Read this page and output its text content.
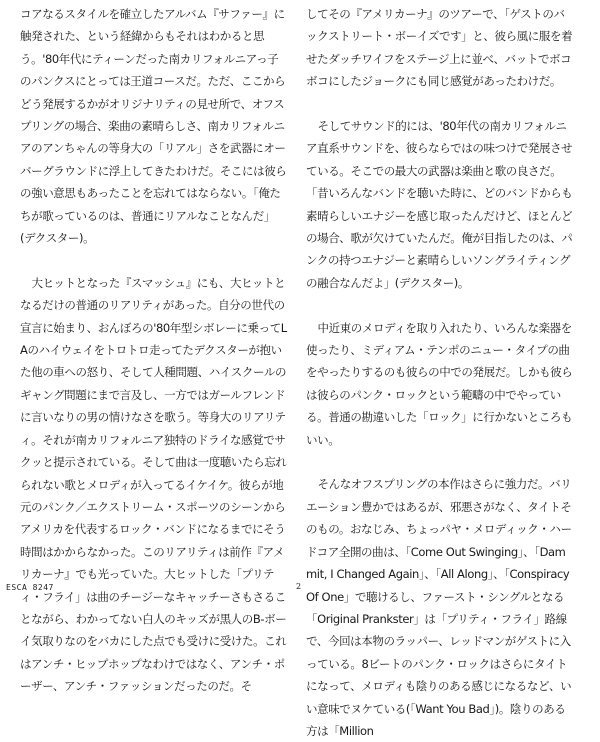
コアなるスタイルを確立したアルバム『サファー』に触発された、という経緯からもそれはわかると思う。'80年代にティーンだった南カリフォルニアっ子のパンクスにとっては王道コースだ。ただ、ここからどう発展するかがオリジナリティの見せ所で、オフスプリングの場合、楽曲の素晴らしさ、南カリフォルニアのアンちゃんの等身大の「リアル」さを武器にオーバーグラウンドに浮上してきたわけだ。そこには彼らの強い意思もあったことを忘れてはならない。「俺たちが歌っているのは、普通にリアルなことなんだ」(デクスター)。

大ヒットとなった『スマッシュ』にも、大ヒットとなるだけの普通のリアリティがあった。自分の世代の宣言に始まり、おんぼろの'80年型シボレーに乗ってLAのハイウェイをトロトロ走ってたデクスターが抱いた他の車への怒り、そして人種問題、ハイスクールのギャング問題にまで言及し、一方ではガールフレンドに言いなりの男の情けなさを歌う。等身大のリアリティ。それが南カリフォルニア独特のドライな感覚でサクッと提示されている。そして曲は一度聴いたら忘れられない歌とメロディが入ってるイケイケ。彼らが地元のパンク／エクストリーム・スポーツのシーンからアメリカを代表するロック・バンドになるまでにそう時間はかからなかった。このリアリティは前作『アメリカーナ』でも光っていた。大ヒットした「プリティ・フライ」は曲のチージーなキャッチーさもさることながら、わかってない白人のキッズが黒人のB-ボーイ気取りなのをバカにした点でも受けに受けた。これはアンチ・ヒップホップなわけではなく、アンチ・ポーザー、アンチ・ファッションだったのだ。そ

してその『アメリカーナ』のツアーで、「ゲストのバックストリート・ボーイズです」と、彼ら風に服を着せたダッチワイフをステージ上に並べ、バットでボコボコにしたジョークにも同じ感覚があったわけだ。

そしてサウンド的には、'80年代の南カリフォルニア直系サウンドを、彼らならではの味つけで発展させている。そこでの最大の武器は楽曲と歌の良さだ。「昔いろんなバンドを聴いた時に、どのバンドからも素晴らしいエナジーを感じ取ったんだけど、ほとんどの場合、歌が欠けていたんだ。俺が目指したのは、パンクの持つエナジーと素晴らしいソングライティングの融合なんだよ」(デクスター)。

中近東のメロディを取り入れたり、いろんな楽器を使ったり、ミディアム・テンポのニュー・タイプの曲をやったりするのも彼らの中での発展だ。しかも彼らは彼らのパンク・ロックという範疇の中でやっている。普通の勘違いした「ロック」に行かないところもいい。

そんなオフスプリングの本作はさらに強力だ。バリエーション豊かではあるが、邪悪さがなく、タイトそのもの。おなじみ、ちょっパヤ・メロディック・ハードコア全開の曲は、「Come Out Swinging」、「Dammit, I Changed Again」、「All Along」、「Conspiracy Of One」で聴けるし、ファースト・シングルとなる「Original Prankster」は「プリティ・フライ」路線で、今回は本物のラッパー、レッドマンがゲストに入っている。8ビートのパンク・ロックはさらにタイトになって、メロディも陰りのある感じになるなど、いい意味でヌケている(「Want You Bad」)。陰りのある方は「Million

ESCA 8247	2
